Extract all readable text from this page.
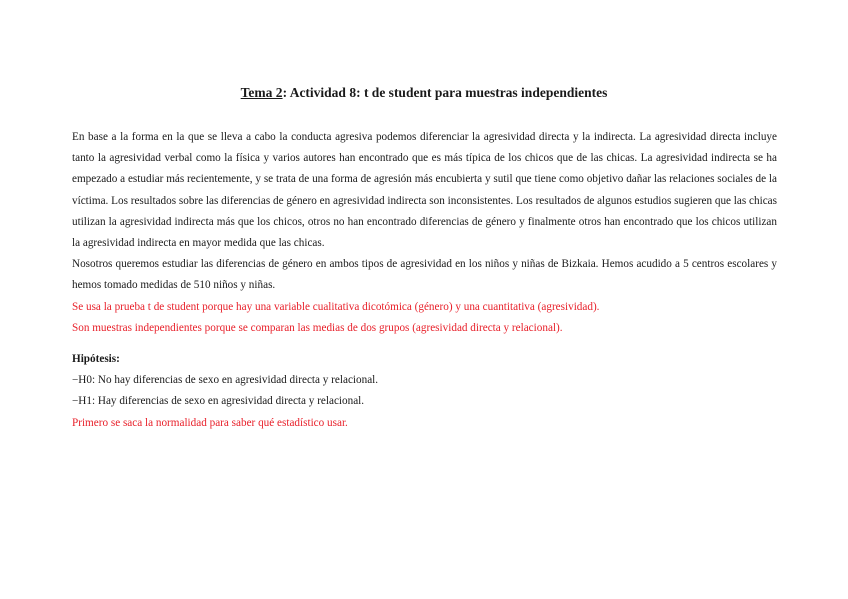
Tema 2: Actividad 8: t de student para muestras independientes

En base a la forma en la que se lleva a cabo la conducta agresiva podemos diferenciar la agresividad directa y la indirecta. La agresividad directa incluye tanto la agresividad verbal como la física y varios autores han encontrado que es más típica de los chicos que de las chicas. La agresividad indirecta se ha empezado a estudiar más recientemente, y se trata de una forma de agresión más encubierta y sutil que tiene como objetivo dañar las relaciones sociales de la víctima. Los resultados sobre las diferencias de género en agresividad indirecta son inconsistentes. Los resultados de algunos estudios sugieren que las chicas utilizan la agresividad indirecta más que los chicos, otros no han encontrado diferencias de género y finalmente otros han encontrado que los chicos utilizan la agresividad indirecta en mayor medida que las chicas.

Nosotros queremos estudiar las diferencias de género en ambos tipos de agresividad en los niños y niñas de Bizkaia. Hemos acudido a 5 centros escolares y hemos tomado medidas de 510 niños y niñas.

Se usa la prueba t de student porque hay una variable cualitativa dicotómica (género) y una cuantitativa (agresividad).

Son muestras independientes porque se comparan las medias de dos grupos (agresividad directa y relacional).

Hipótesis:

−H0: No hay diferencias de sexo en agresividad directa y relacional.

−H1: Hay diferencias de sexo en agresividad directa y relacional.

Primero se saca la normalidad para saber qué estadístico usar.
